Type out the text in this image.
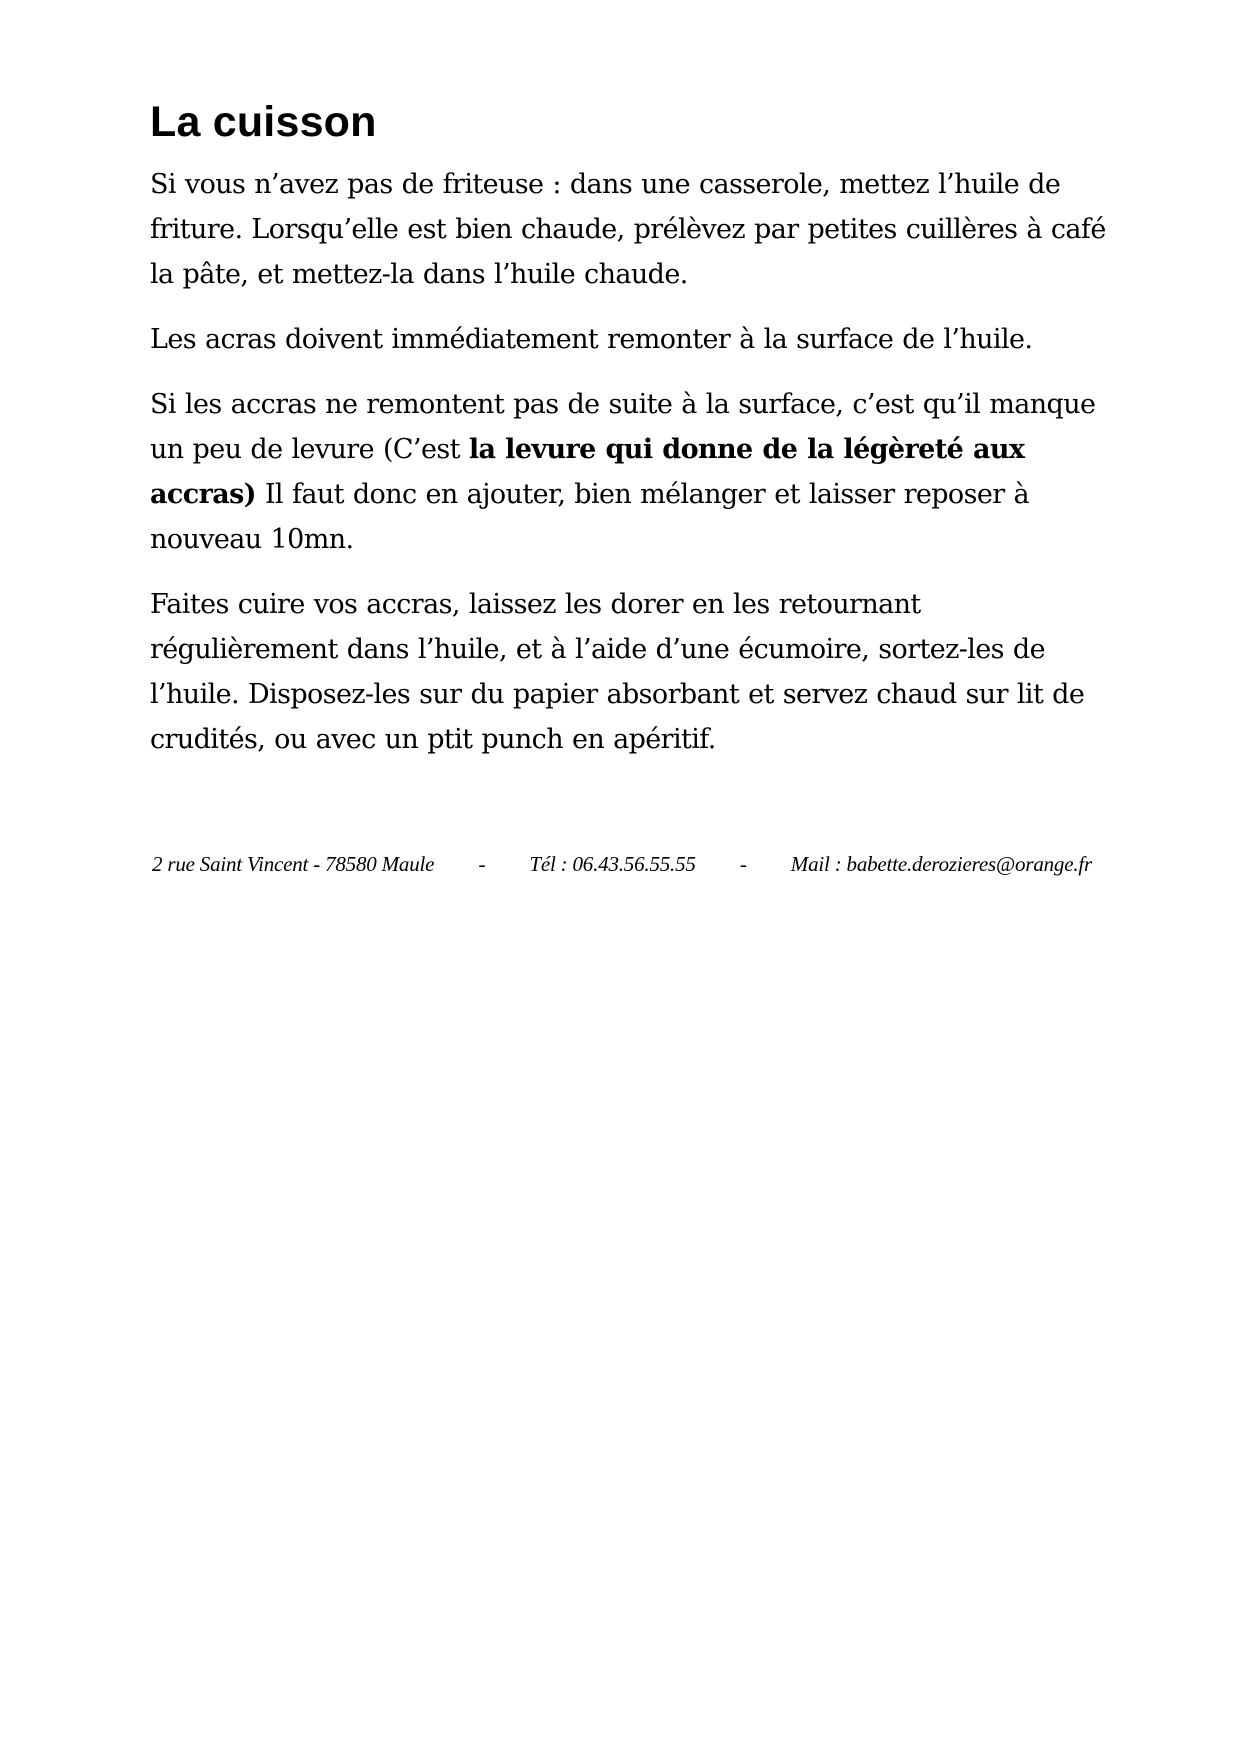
La cuisson

Si vous n’avez pas de friteuse : dans une casserole, mettez l’huile de friture. Lorsqu’elle est bien chaude, prélèvez par petites cuillères à café la pâte, et mettez-la dans l’huile chaude.

Les acras doivent immédiatement remonter à la surface de l’huile.

Si les accras ne remontent pas de suite à la surface, c’est qu’il manque un peu de levure (C’est la levure qui donne de la légèreté aux accras) Il faut donc en ajouter, bien mélanger et laisser reposer à nouveau 10mn.

Faites cuire vos accras, laissez les dorer en les retournant régulièrement dans l’huile, et à l’aide d’une écumoire, sortez-les de l’huile. Disposez-les sur du papier absorbant et servez chaud sur lit de crudités, ou avec un ptit punch en apéritif.

2 rue Saint Vincent - 78580 Maule - Tél : 06.43.56.55.55 - Mail : babette.derozieres@orange.fr
